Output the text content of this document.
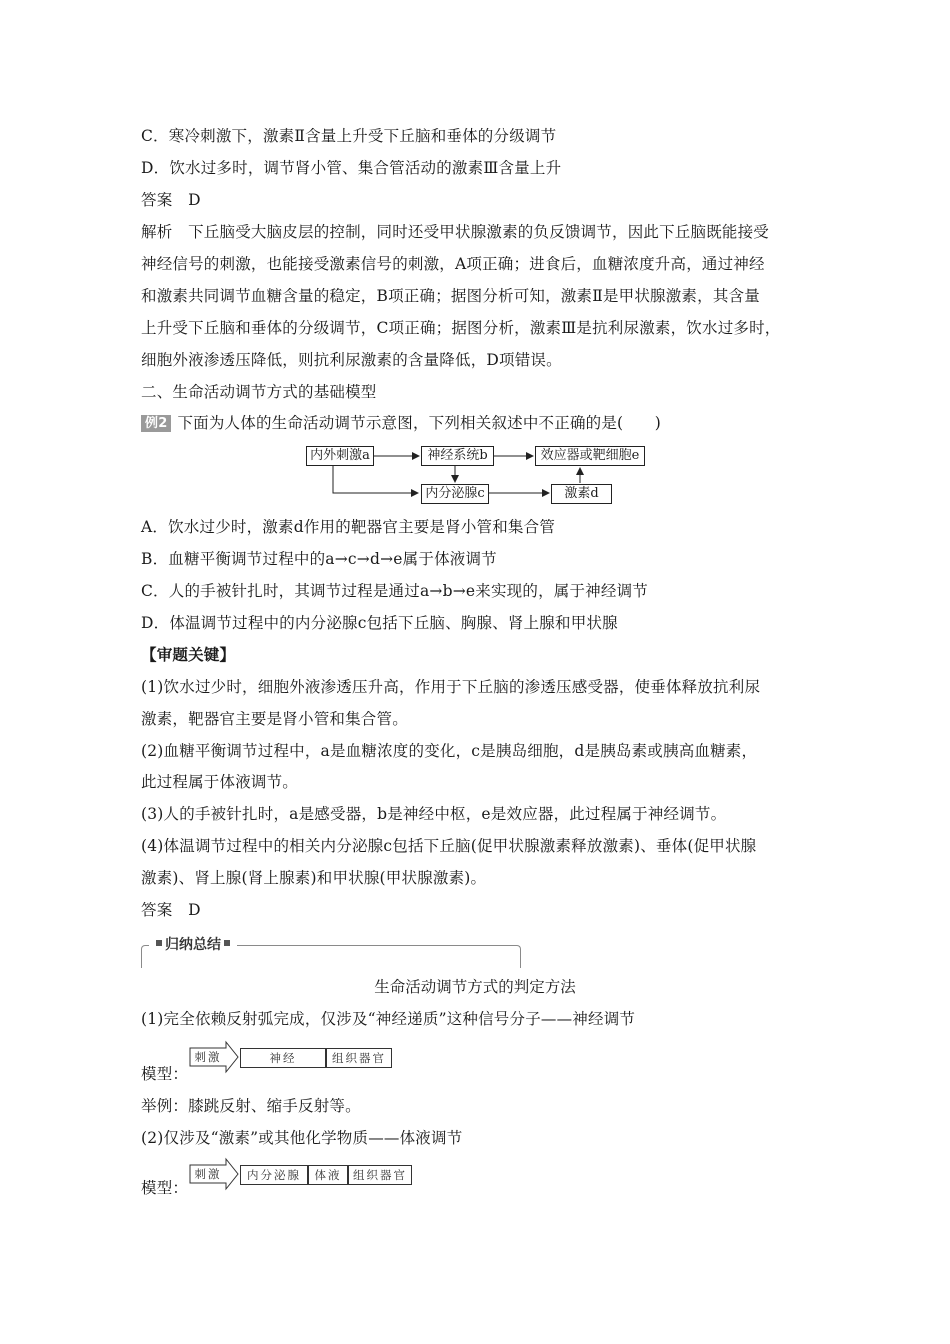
C．寒冷刺激下，激素Ⅱ含量上升受下丘脑和垂体的分级调节
D．饮水过多时，调节肾小管、集合管活动的激素Ⅲ含量上升
答案　D
解析　下丘脑受大脑皮层的控制，同时还受甲状腺激素的负反馈调节，因此下丘脑既能接受
神经信号的刺激，也能接受激素信号的刺激，A项正确；进食后，血糖浓度升高，通过神经
和激素共同调节血糖含量的稳定，B项正确；据图分析可知，激素Ⅱ是甲状腺激素，其含量
上升受下丘脑和垂体的分级调节，C项正确；据图分析，激素Ⅲ是抗利尿激素，饮水过多时，
细胞外液渗透压降低，则抗利尿激素的含量降低，D项错误。
二、生命活动调节方式的基础模型
例2 下面为人体的生命活动调节示意图，下列相关叙述中不正确的是(　　)
内外刺激a	神经系统b	效应器或靶细胞e
内分泌腺c	激素d
A．饮水过少时，激素d作用的靶器官主要是肾小管和集合管
B．血糖平衡调节过程中的a→c→d→e属于体液调节
C．人的手被针扎时，其调节过程是通过a→b→e来实现的，属于神经调节
D．体温调节过程中的内分泌腺c包括下丘脑、胸腺、肾上腺和甲状腺
【审题关键】
(1)饮水过少时，细胞外液渗透压升高，作用于下丘脑的渗透压感受器，使垂体释放抗利尿
激素，靶器官主要是肾小管和集合管。
(2)血糖平衡调节过程中，a是血糖浓度的变化，c是胰岛细胞，d是胰岛素或胰高血糖素，
此过程属于体液调节。
(3)人的手被针扎时，a是感受器，b是神经中枢，e是效应器，此过程属于神经调节。
(4)体温调节过程中的相关内分泌腺c包括下丘脑(促甲状腺激素释放激素)、垂体(促甲状腺
激素)、肾上腺(肾上腺素)和甲状腺(甲状腺激素)。
答案　D
归纳总结
生命活动调节方式的判定方法
(1)完全依赖反射弧完成，仅涉及“神经递质”这种信号分子——神经调节
模型：
刺激	神经	组织器官
举例：膝跳反射、缩手反射等。
(2)仅涉及“激素”或其他化学物质——体液调节
模型：
刺激	内分泌腺	体液	组织器官
